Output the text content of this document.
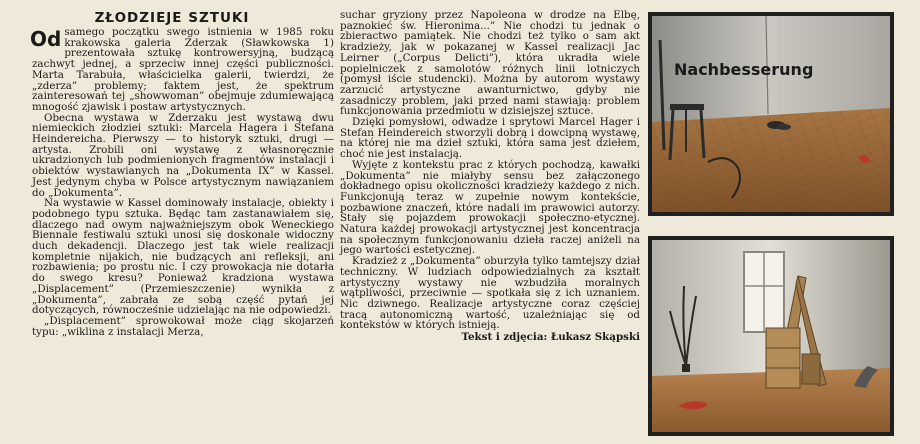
ZŁODZIEJE SZTUKI

Od samego początku swego istnienia w 1985 roku krakowska galeria Zderzak (Sławkowska 1) prezentowała sztukę kontrowersyjną, budzącą zachwyt jednej, a sprzeciw innej części publiczności. Marta Tarabuła, właścicielka galerii, twierdzi, że „zderza” problemy; faktem jest, że spektrum zainteresowań tej „showwoman” obejmuje zdumiewającą mnogość zjawisk i postaw artystycznych.

Obecna wystawa w Zderzaku jest wystawą dwu niemieckich złodziei sztuki: Marcela Hagera i Stefana Heindereicha. Pierwszy — to historyk sztuki, drugi — artysta. Zrobili oni wystawę z własnoręcznie ukradzionych lub podmienionych fragmentów instalacji i obiektów wystawianych na „Dokumenta IX” w Kassel. Jest jedynym chyba w Polsce artystycznym nawiązaniem do „Dokumenta”.

Na wystawie w Kassel dominowały instalacje, obiekty i podobnego typu sztuka. Będąc tam zastanawiałem się, dlaczego nad owym najważniejszym obok Weneckiego Biennale festiwalu sztuki unosi się doskonale widoczny duch dekadencji. Dlaczego jest tak wiele realizacji kompletnie nijakich, nie budzących ani refleksji, ani rozbawienia; po prostu nic. I czy prowokacja nie dotarła do swego kresu? Ponieważ kradziona wystawa „Displacement” (Przemieszczenie) wynikła z „Dokumenta”, zabrała ze sobą część pytań jej dotyczących, równocześnie udzielając na nie odpowiedzi.

„Displacement” sprowokował może ciąg skojarzeń typu: „wiklina z instalacji Merza,

suchar gryziony przez Napoleona w drodze na Elbę, paznokieć św. Hieronima...” Nie chodzi tu jednak o zbieractwo pamiątek. Nie chodzi też tylko o sam akt kradzieży, jak w pokazanej w Kassel realizacji Jac Leirner („Corpus Delicti”), która ukradła wiele popielniczek z samolotów różnych linii lotniczych (pomysł iście studencki). Można by autorom wystawy zarzucić artystyczne awanturnictwo, gdyby nie zasadniczy problem, jaki przed nami stawiają: problem funkcjonowania przedmiotu w dzisiejszej sztuce.

Dzięki pomysłowi, odwadze i sprytowi Marcel Hager i Stefan Heindereich stworzyli dobrą i dowcipną wystawę, na której nie ma dzieł sztuki, która sama jest dziełem, choć nie jest instalacją.

Wyjęte z kontekstu prac z których pochodzą, kawałki „Dokumenta” nie miałyby sensu bez załączonego dokładnego opisu okoliczności kradzieży każdego z nich. Funkcjonują teraz w zupełnie nowym kontekście, pozbawione znaczeń, które nadali im prawowici autorzy. Stały się pojazdem prowokacji społeczno-etycznej. Natura każdej prowokacji artystycznej jest koncentracja na społecznym funkcjonowaniu dzieła raczej aniżeli na jego wartości estetycznej.

Kradzież z „Dokumenta” oburzyła tylko tamtejszy dział techniczny. W ludziach odpowiedzialnych za kształt artystyczny wystawy nie wzbudziła moralnych wątpliwości, przeciwnie — spotkała się z ich uznaniem. Nic dziwnego. Realizacje artystyczne coraz częściej tracą autonomiczną wartość, uzależniając się od kontekstów w których istnieją.

Tekst i zdjęcia: Łukasz Skąpski
Nachbesserung
